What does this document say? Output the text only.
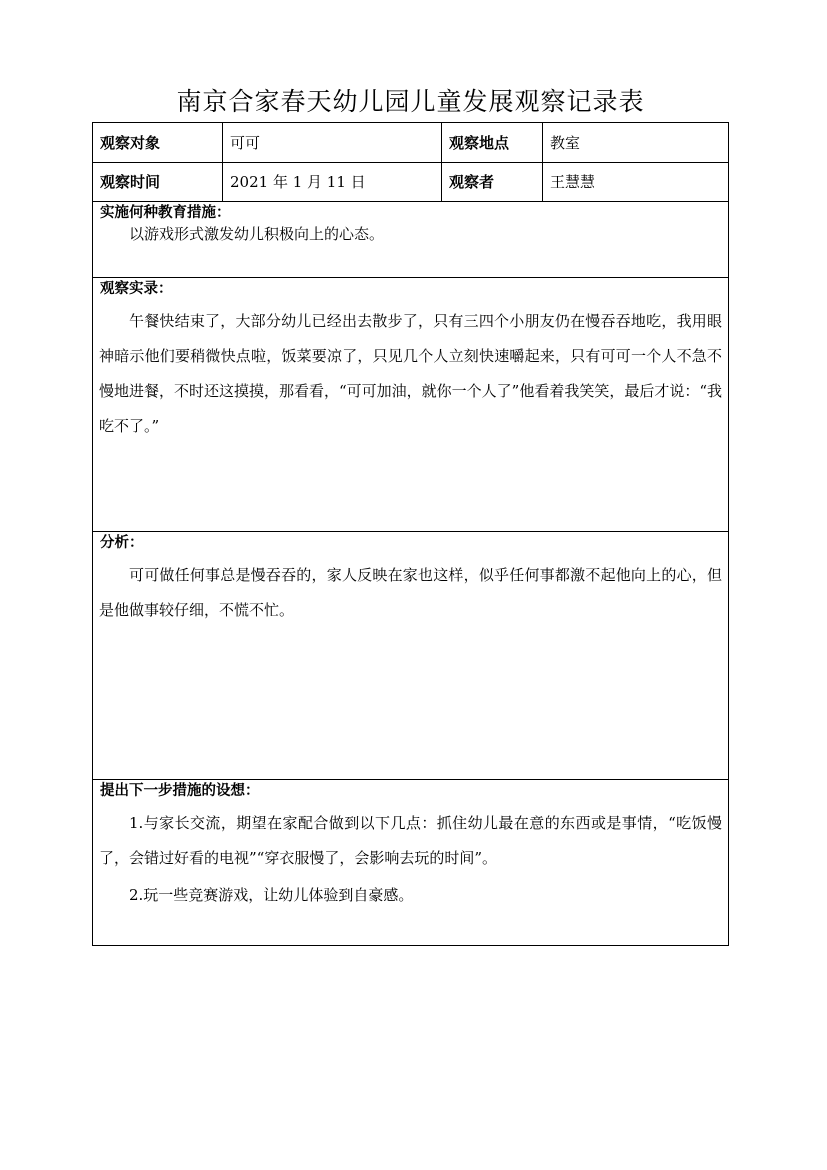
南京合家春天幼儿园儿童发展观察记录表
观察对象	可可	观察地点	教室
观察时间	2021 年 1 月 11 日	观察者	王慧慧
实施何种教育措施：

以游戏形式激发幼儿积极向上的心态。

观察实录：

午餐快结束了，大部分幼儿已经出去散步了，只有三四个小朋友仍在慢吞吞地吃，我用眼神暗示他们要稍微快点啦，饭菜要凉了，只见几个人立刻快速嚼起来，只有可可一个人不急不慢地进餐，不时还这摸摸，那看看，“可可加油，就你一个人了”他看着我笑笑，最后才说：“我吃不了。”

分析：

可可做任何事总是慢吞吞的，家人反映在家也这样，似乎任何事都激不起他向上的心，但是他做事较仔细，不慌不忙。

提出下一步措施的设想：

1.与家长交流，期望在家配合做到以下几点：抓住幼儿最在意的东西或是事情，“吃饭慢了，会错过好看的电视”“穿衣服慢了，会影响去玩的时间”。

2.玩一些竞赛游戏，让幼儿体验到自豪感。
